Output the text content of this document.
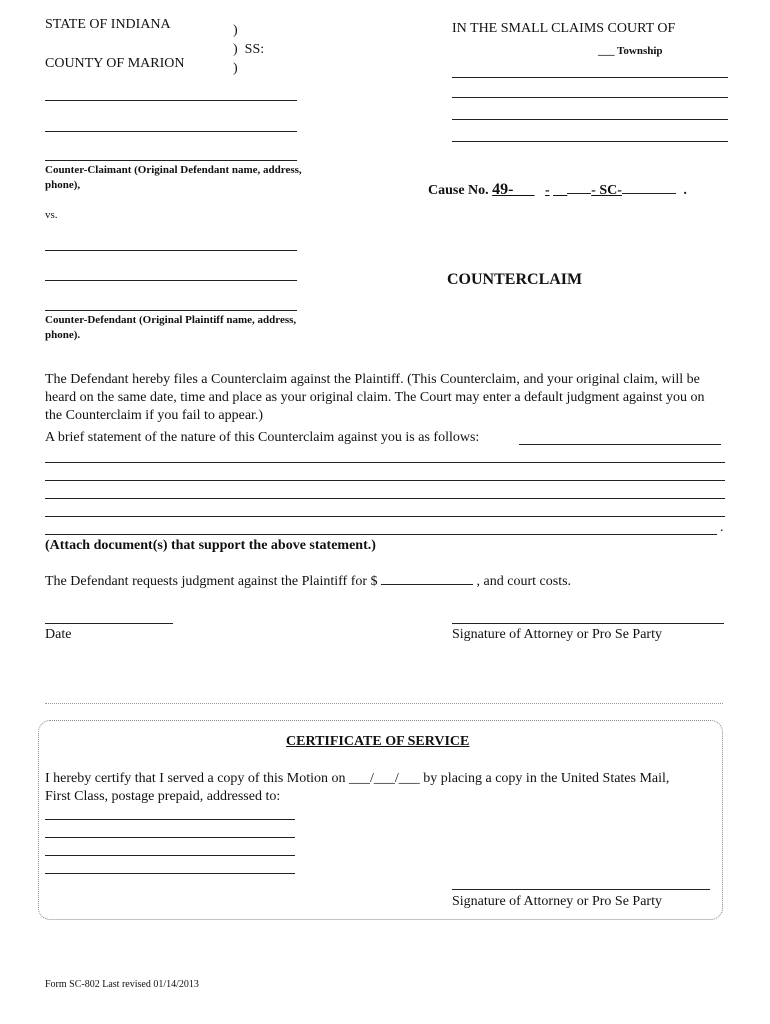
STATE OF INDIANA
COUNTY OF MARION
)
)  SS:
)
Counter-Claimant (Original Defendant name, address, phone),
vs.
Counter-Defendant (Original Plaintiff name, address, phone).
IN THE SMALL CLAIMS COURT OF
___ Township
Cause No. 49-___ - __ - SC-	.
COUNTERCLAIM
The Defendant hereby files a Counterclaim against the Plaintiff. (This Counterclaim, and your original claim, will be heard on the same date, time and place as your original claim. The Court may enter a default judgment against you on the Counterclaim if you fail to appear.)
A brief statement of the nature of this Counterclaim against you is as follows:
.
(Attach document(s) that support the above statement.)
The Defendant requests judgment against the Plaintiff for $	, and court costs.
Date	Signature of Attorney or Pro Se Party
CERTIFICATE OF SERVICE
I hereby certify that I served a copy of this Motion on ___/___/___ by placing a copy in the United States Mail,
First Class, postage prepaid, addressed to:
Signature of Attorney or Pro Se Party
Form SC-802 Last revised 01/14/2013
